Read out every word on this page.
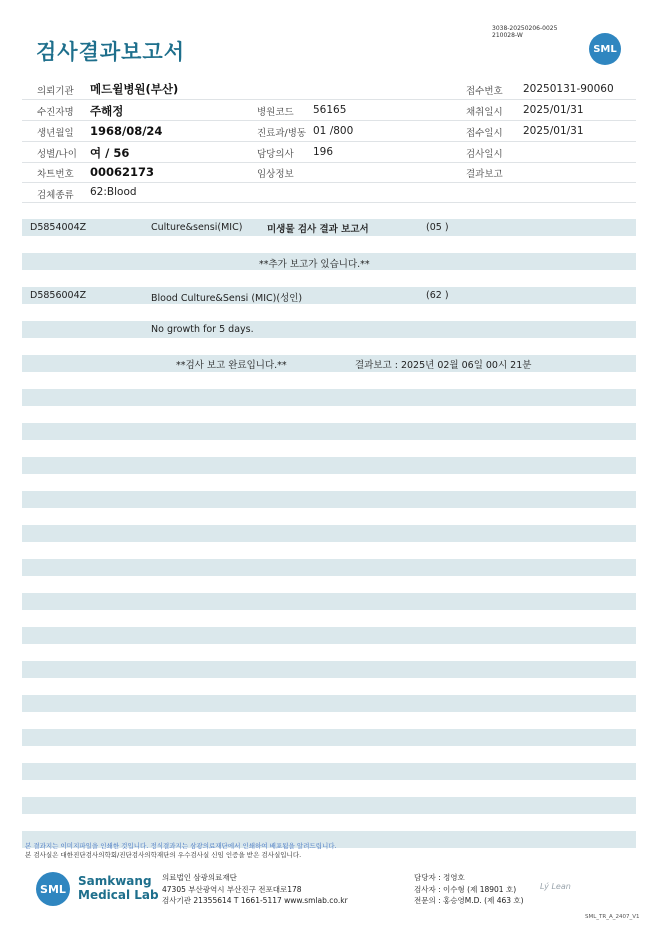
검사결과보고서
3038-20250206-0025
210028-W
SML
의뢰기관 메드윌병원(부산)	접수번호 20250131-90060
수진자명 주해정	병원코드 56165	채취일시 2025/01/31
생년월일 1968/08/24	진료과/병동 01 /800	접수일시 2025/01/31
성별/나이 여 / 56	담당의사 196	검사일시
차트번호 00062173	임상정보	결과보고
검체종류 62:Blood
D5854004Z	Culture&sensi(MIC)	미생물 검사 결과 보고서	(05 )
**추가 보고가 있습니다.**
D5856004Z	Blood Culture&Sensi (MIC)(성인)	(62 )
No growth for 5 days.
**검사 보고 완료입니다.**	결과보고 : 2025년 02월 06일 00시 21분
본 결과지는 이미지파일을 인쇄한 것입니다. 정식결과지는 삼광의료재단에서 인쇄하여 배포됨을 알려드립니다.
본 검사실은 대한진단검사의학회/진단검사의학재단의 우수검사실 신임 인증을 받은 검사실입니다.
SML
Samkwang
Medical Lab
의료법인 삼광의료재단
47305 부산광역시 부산진구 전포대로178
검사기관 21355614 T 1661-5117 www.smlab.co.kr
담당자 : 정영호
검사자 : 이수형 (제 18901 호)
전문의 : 홍승영M.D. (제 463 호)
Lý Lean
SML_TR_A_2407_V1
